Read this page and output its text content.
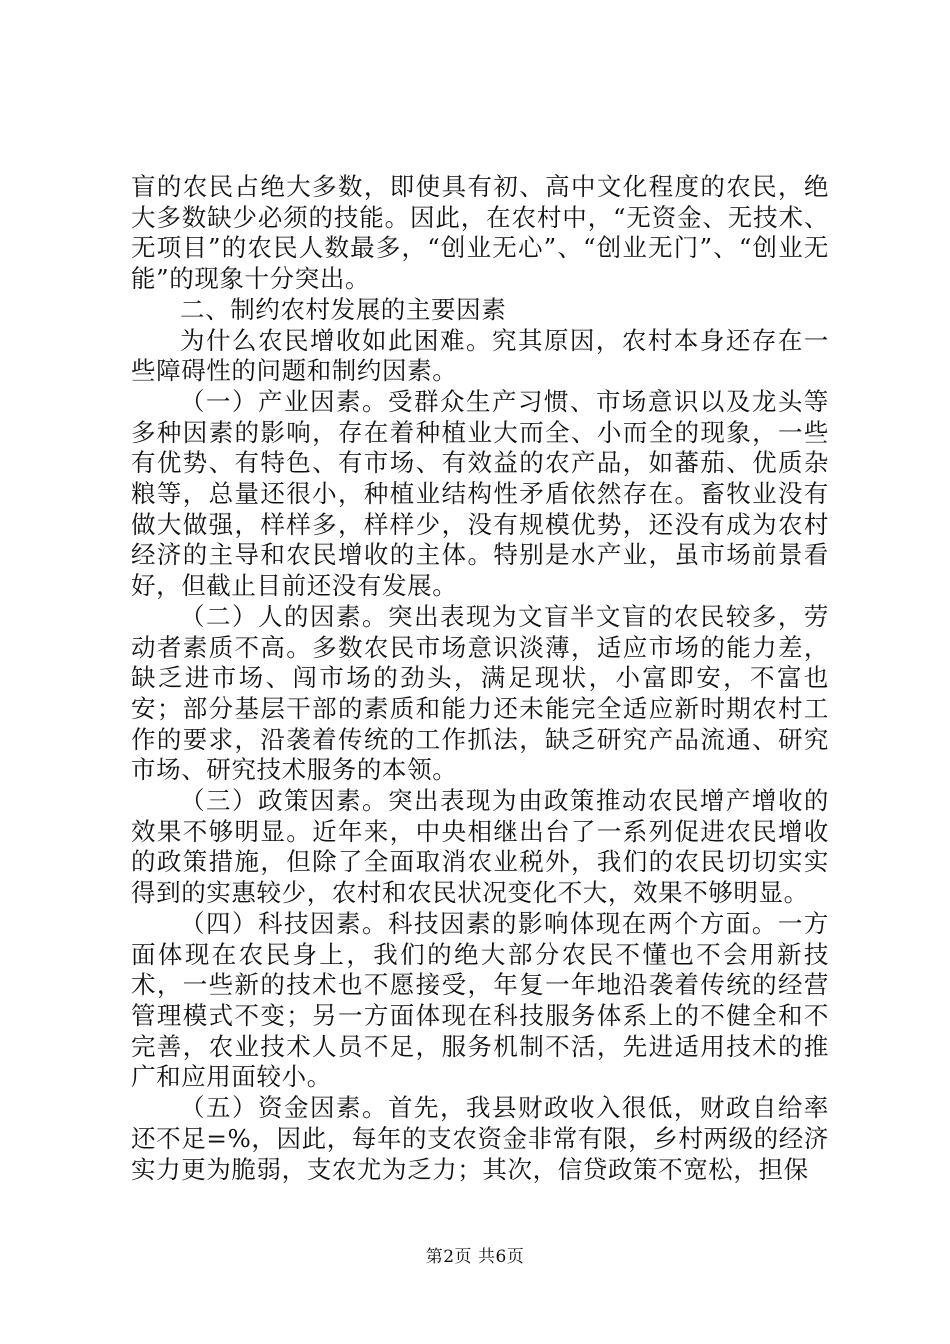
盲的农民占绝大多数，即使具有初、高中文化程度的农民，绝大多数缺少必须的技能。因此，在农村中，“无资金、无技术、无项目”的农民人数最多，“创业无心”、“创业无门”、“创业无能”的现象十分突出。

二、制约农村发展的主要因素

为什么农民增收如此困难。究其原因，农村本身还存在一些障碍性的问题和制约因素。

（一）产业因素。受群众生产习惯、市场意识以及龙头等多种因素的影响，存在着种植业大而全、小而全的现象，一些有优势、有特色、有市场、有效益的农产品，如蕃茄、优质杂粮等，总量还很小，种植业结构性矛盾依然存在。畜牧业没有做大做强，样样多，样样少，没有规模优势，还没有成为农村经济的主导和农民增收的主体。特别是水产业，虽市场前景看好，但截止目前还没有发展。

（二）人的因素。突出表现为文盲半文盲的农民较多，劳动者素质不高。多数农民市场意识淡薄，适应市场的能力差，缺乏进市场、闯市场的劲头，满足现状，小富即安，不富也安；部分基层干部的素质和能力还未能完全适应新时期农村工作的要求，沿袭着传统的工作抓法，缺乏研究产品流通、研究市场、研究技术服务的本领。

（三）政策因素。突出表现为由政策推动农民增产增收的效果不够明显。近年来，中央相继出台了一系列促进农民增收的政策措施，但除了全面取消农业税外，我们的农民切切实实得到的实惠较少，农村和农民状况变化不大，效果不够明显。

（四）科技因素。科技因素的影响体现在两个方面。一方面体现在农民身上，我们的绝大部分农民不懂也不会用新技术，一些新的技术也不愿接受，年复一年地沿袭着传统的经营管理模式不变；另一方面体现在科技服务体系上的不健全和不完善，农业技术人员不足，服务机制不活，先进适用技术的推广和应用面较小。

（五）资金因素。首先，我县财政收入很低，财政自给率还不足=%，因此，每年的支农资金非常有限，乡村两级的经济实力更为脆弱，支农尤为乏力；其次，信贷政策不宽松，担保

第2页 共6页
